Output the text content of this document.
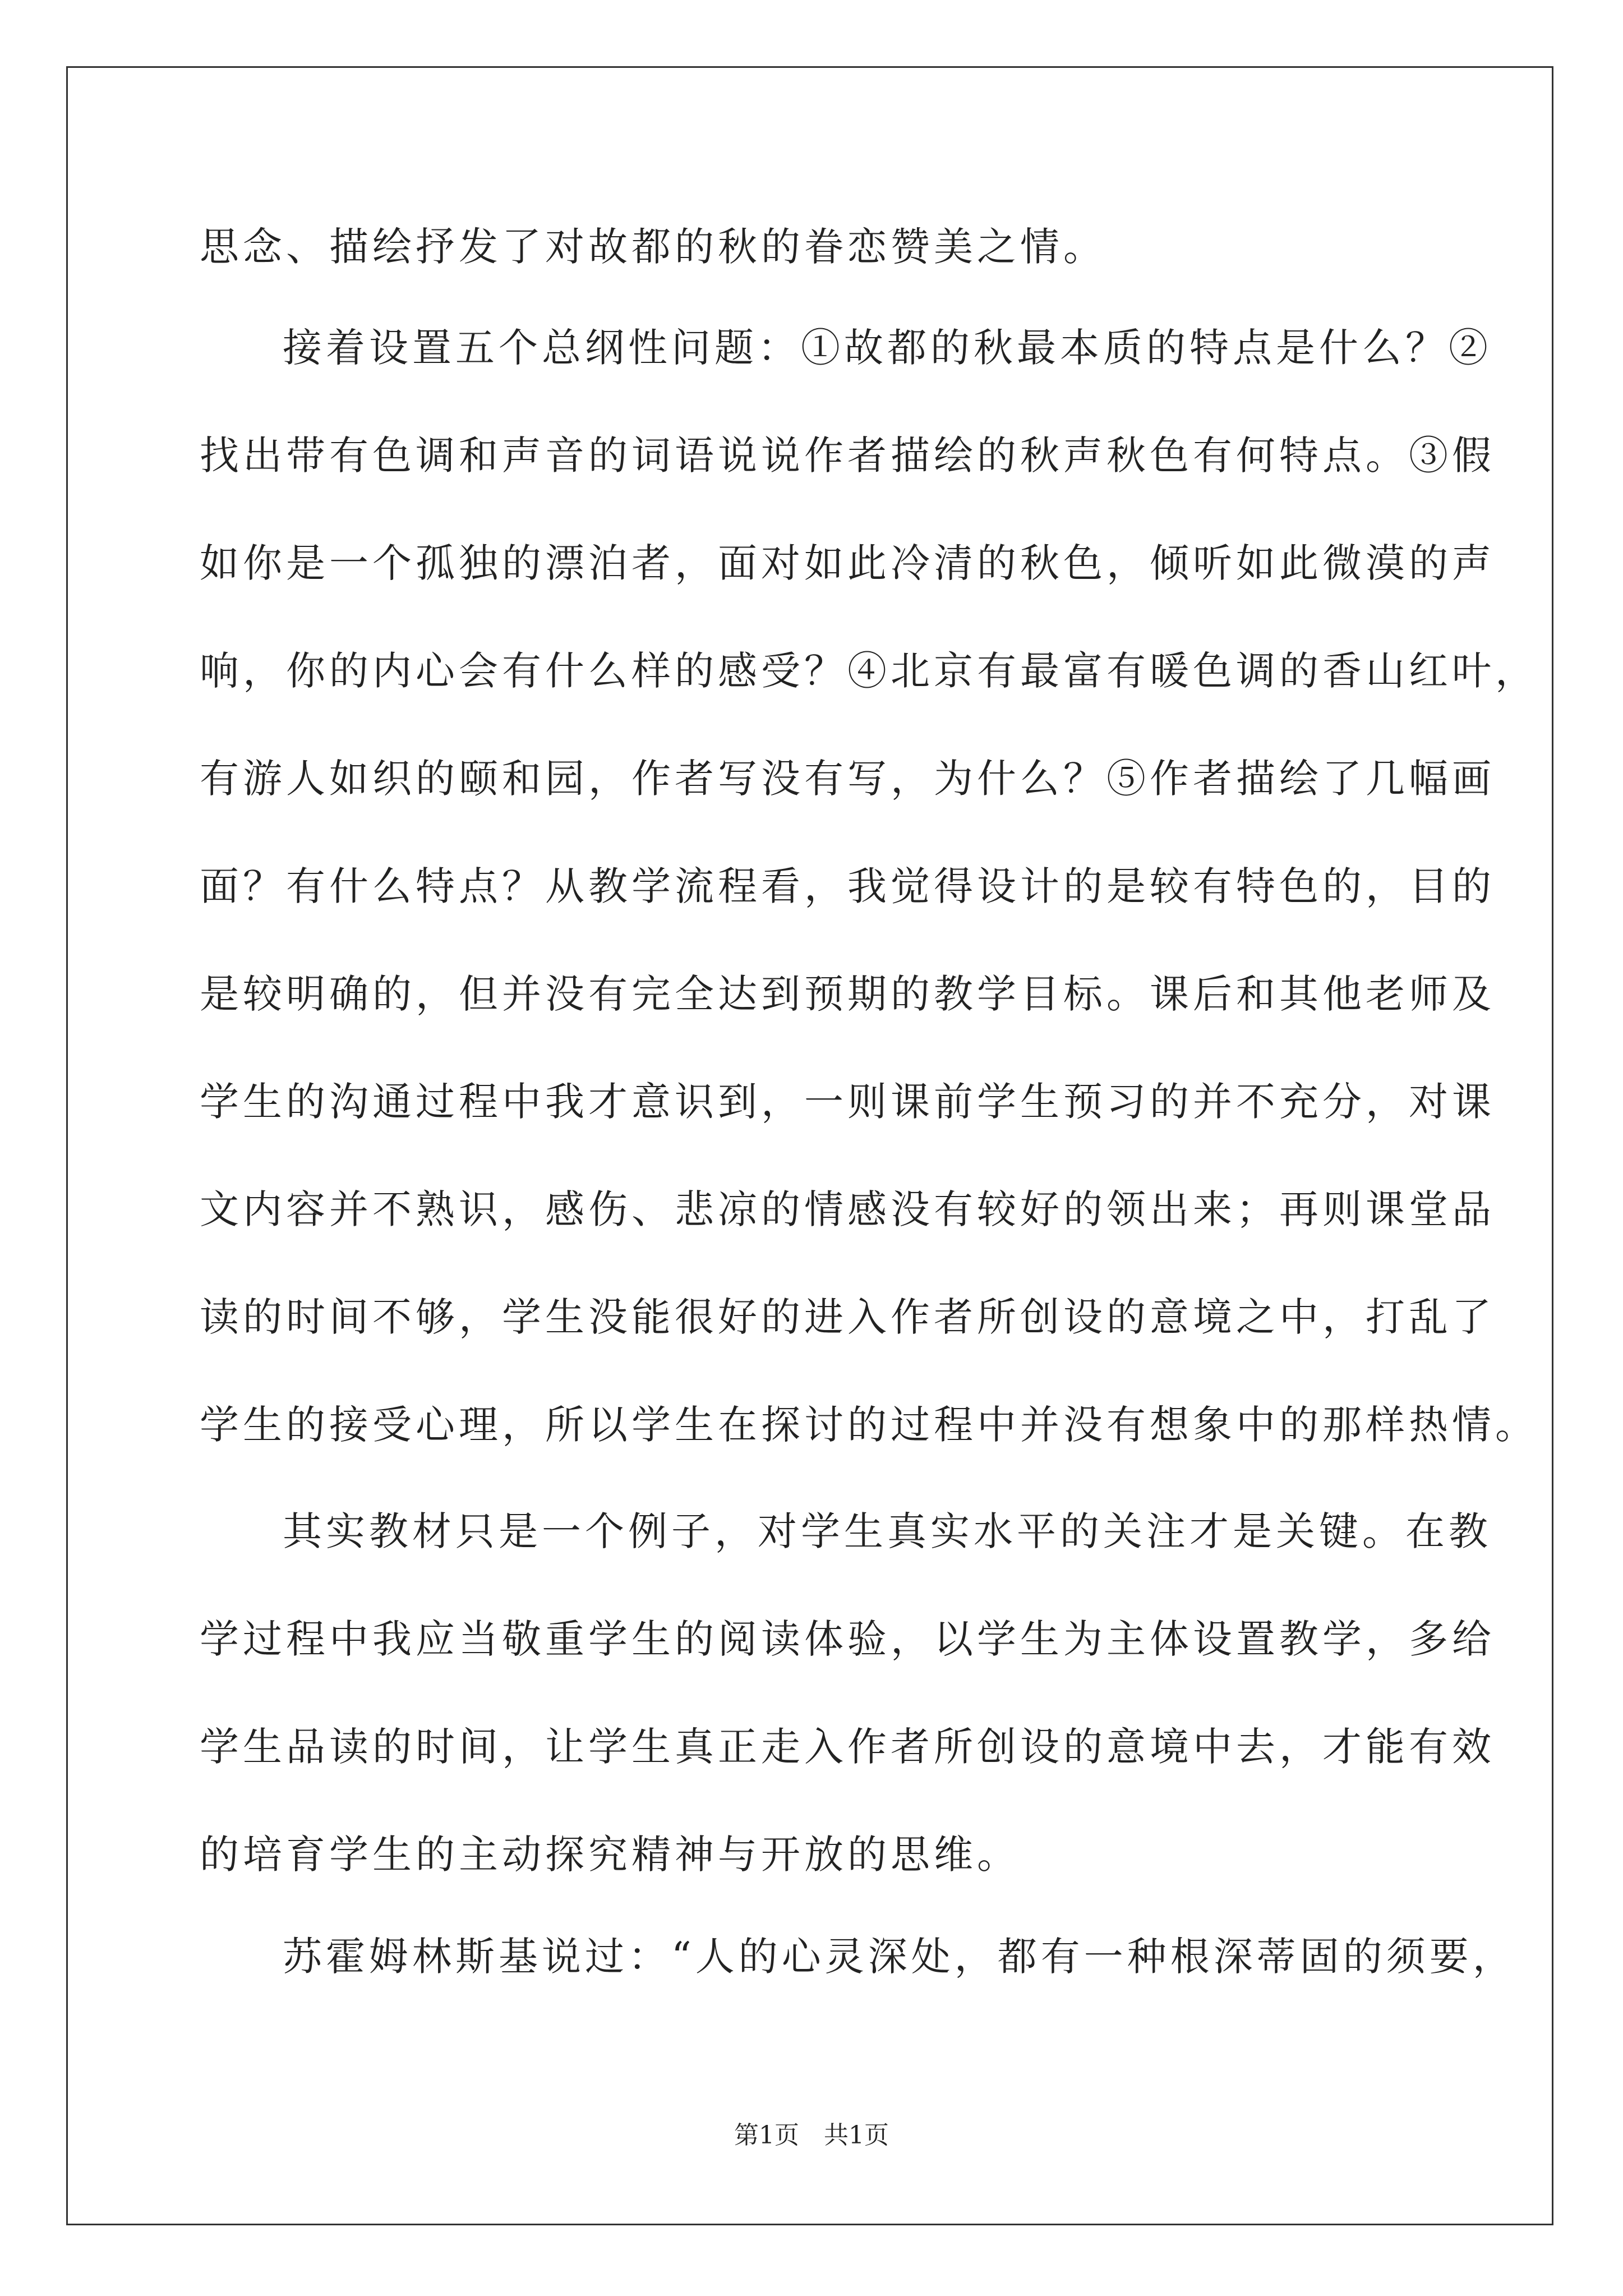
思念、描绘抒发了对故都的秋的眷恋赞美之情。
接着设置五个总纲性问题：①故都的秋最本质的特点是什么？②
找出带有色调和声音的词语说说作者描绘的秋声秋色有何特点。③假
如你是一个孤独的漂泊者，面对如此冷清的秋色，倾听如此微漠的声
响，你的内心会有什么样的感受？④北京有最富有暖色调的香山红叶，
有游人如织的颐和园，作者写没有写，为什么？⑤作者描绘了几幅画
面？有什么特点？从教学流程看，我觉得设计的是较有特色的，目的
是较明确的，但并没有完全达到预期的教学目标。课后和其他老师及
学生的沟通过程中我才意识到，一则课前学生预习的并不充分，对课
文内容并不熟识，感伤、悲凉的情感没有较好的领出来；再则课堂品
读的时间不够，学生没能很好的进入作者所创设的意境之中，打乱了
学生的接受心理，所以学生在探讨的过程中并没有想象中的那样热情。
其实教材只是一个例子，对学生真实水平的关注才是关键。在教
学过程中我应当敬重学生的阅读体验，以学生为主体设置教学，多给
学生品读的时间，让学生真正走入作者所创设的意境中去，才能有效
的培育学生的主动探究精神与开放的思维。
苏霍姆林斯基说过：“人的心灵深处，都有一种根深蒂固的须要，
第1页　共1页
